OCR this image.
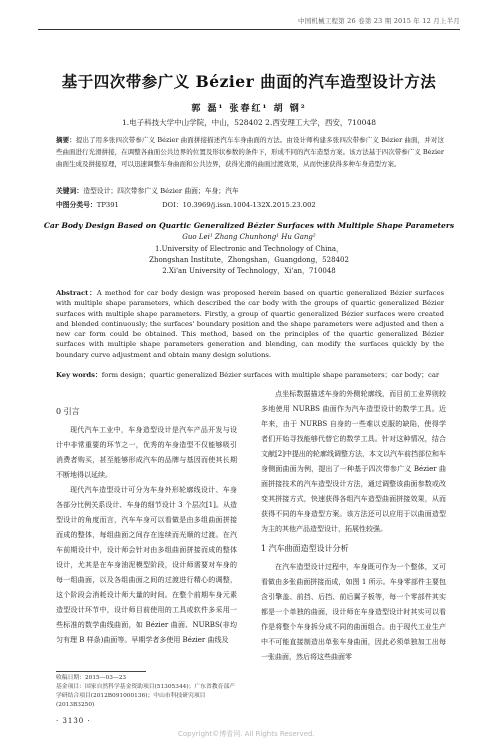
中国机械工程第 26 卷第 23 期 2015 年 12 月上半月
基于四次带参广义 Bézier 曲面的汽车造型设计方法
郭 磊¹ 张春红¹ 胡 钢²
1.电子科技大学中山学院，中山，528402 2.西安理工大学，西安，710048
摘要：提出了用多张四次带参广义 Bézier 曲面拼接描述汽车车身曲面的方法。由设计师构建多张四次带参广义 Bézier 曲面，并对这些曲面进行光滑拼接，在调整各曲面公共边界的位置及形状参数的条件下，形成不同的汽车造型方案。该方法基于四次带参广义 Bézier 曲面生成及拼接原理，可以迅速调整车身曲面和公共边界，获得光滑的曲面过渡效果，从而快速获得多种车身造型方案。
关键词：造型设计；四次带参广义 Bézier 曲面；车身；汽车
中图分类号：TP391	DOI：10.3969/j.issn.1004-132X.2015.23.002
Car Body Design Based on Quartic Generalized Bézier Surfaces with Multiple Shape Parameters
Guo Lei¹ Zhang Chunhong¹ Hu Gang²
1.University of Electronic and Technology of China，
Zhongshan Institute，Zhongshan，Guangdong，528402
2.Xi'an University of Technology，Xi'an，710048
Abstract：A method for car body design was proposed herein based on quartic generalized Bézier surfaces with multiple shape parameters, which described the car body with the groups of quartic generalized Bézier surfaces with multiple shape parameters. Firstly, a group of quartic generalized Bézier surfaces were created and blended continuously; the surfaces' boundary position and the shape parameters were adjusted and then a new car form could be obtained. This method, based on the principles of the quartic generalized Bézier surfaces with multiple shape parameters generation and blending, can modify the surfaces quickly by the boundary curve adjustment and obtain many design solutions.
Key words：form design；quartic generalized Bézier surfaces with multiple shape parameters；car body；car
0 引言

现代汽车工业中，车身造型设计是汽车产品开发与设计中非常重要的环节之一，优秀的车身造型不仅能够吸引消费者购买，甚至能够形成汽车的品牌与基因而使其长期不断地得以延续。

现代汽车造型设计可分为车身外形轮廓线设计、车身各部分比例关系设计、车身的细节设计 3 个层次[1]。从造型设计的角度而言，汽车车身可以看做是由多组曲面拼接而成的整体，每组曲面之间存在连续而光顺的过渡。在汽车前期设计中，设计师会针对由多组曲面拼接而成的整体设计，尤其是在车身油泥模型阶段，设计师需要对车身的每一组曲面，以及各组曲面之间的过渡进行精心的调整，这个阶段会消耗设计师大量的时间。在整个前期车身元素造型设计环节中，设计师目前使用的工具或软件多采用一些标准的数学曲线曲面，如 Bézier 曲面、NURBS(非均匀有理 B 样条)曲面等。早期学者多使用 Bézier 曲线及

点坐标数据描述车身的外侧轮廓线，而目前工业界则较多地使用 NURBS 曲面作为汽车造型设计的数学工具。近年来，由于 NURBS 自身的一些难以克服的缺陷，使得学者们开始寻找能够代替它的数学工具。针对这种情况，结合文献[2]中提出的轮廓线调整方法，本文以汽车前挡部位和车身侧面曲面为例，提出了一种基于四次带参广义 Bézier 曲面拼接技术的汽车造型设计方法，通过调整该曲面参数或改变其拼接方式，快速获得各组汽车造型曲面拼接效果，从而获得不同的车身造型方案。该方法还可以应用于以曲面造型为主的其他产品造型设计，拓展性较强。

1 汽车曲面造型设计分析

在汽车造型设计过程中，车身既可作为一个整体，又可看做由多张曲面拼接而成，如图 1 所示。车身零部件主要包含引擎盖、前挡、后挡、前后翼子板等，每一个零部件其实都是一个单独的曲面，设计师在车身造型设计时其实可以看作是将整个车身拆分成不同的曲面组合。由于现代工业生产中不可能直接制造出单张车身曲面，因此必须单独加工出每一张曲面，然后将这些曲面零

收稿日期：2015—03—23
基金项目：国家自然科学基金资助项目(51305344)；广东省教育部产学研结合项目(2012B091000136)；中山市科技研究项目(2013B3250)
· 3130 ·
Copyright©博看网. All Rights Reserved.
